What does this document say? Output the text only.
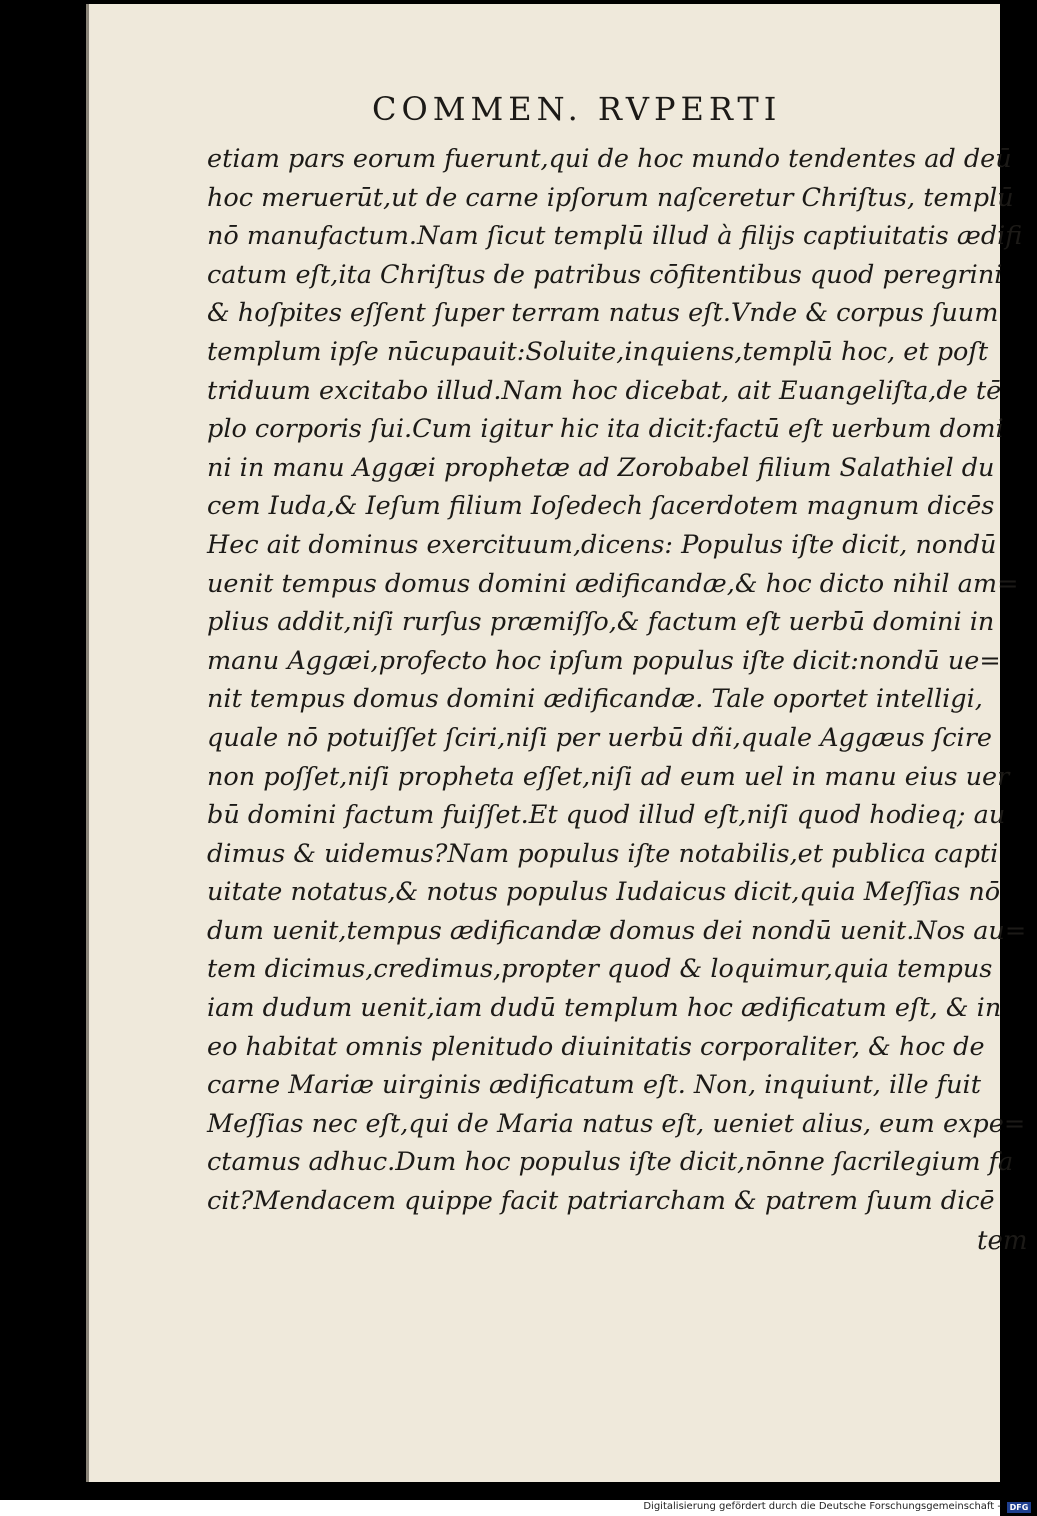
COMMEN. RVPERTI
etiam pars eorum fuerunt,qui de hoc mundo tendentes ad deū
hoc meruerūt,ut de carne ipſorum naſceretur Chriſtus, templū
nō manufactum.Nam ſicut templū illud à filijs captiuitatis ædifi
catum eſt,ita Chriſtus de patribus cōfitentibus quod peregrini
& hoſpites eſſent ſuper terram natus eſt.Vnde & corpus ſuum
templum ipſe nūcupauit:Soluite,inquiens,templū hoc, et poſt
triduum excitabo illud.Nam hoc dicebat, ait Euangeliſta,de tē
plo corporis ſui.Cum igitur hic ita dicit:factū eſt uerbum domi
ni in manu Aggæi prophetæ ad Zorobabel filium Salathiel du
cem Iuda,& Ieſum filium Ioſedech ſacerdotem magnum dicēs
Hec ait dominus exercituum,dicens: Populus iſte dicit, nondū
uenit tempus domus domini ædificandæ,& hoc dicto nihil am=
plius addit,niſi rurſus præmiſſo,& factum eſt uerbū domini in
manu Aggæi,profecto hoc ipſum populus iſte dicit:nondū ue=
nit tempus domus domini ædificandæ. Tale oportet intelligi,
quale nō potuiſſet ſciri,niſi per uerbū dñi,quale Aggæus ſcire
non poſſet,niſi propheta eſſet,niſi ad eum uel in manu eius uer
bū domini factum fuiſſet.Et quod illud eſt,niſi quod hodieq; au
dimus & uidemus?Nam populus iſte notabilis,et publica capti
uitate notatus,& notus populus Iudaicus dicit,quia Meſſias nō
dum uenit,tempus ædificandæ domus dei nondū uenit.Nos au=
tem dicimus,credimus,propter quod & loquimur,quia tempus
iam dudum uenit,iam dudū templum hoc ædificatum eſt, & in
eo habitat omnis plenitudo diuinitatis corporaliter, & hoc de
carne Mariæ uirginis ædificatum eſt. Non, inquiunt, ille fuit
Meſſias nec eſt,qui de Maria natus eſt, ueniet alius, eum expe=
ctamus adhuc.Dum hoc populus iſte dicit,nōnne ſacrilegium fa
cit?Mendacem quippe facit patriarcham & patrem ſuum dicē
tem
Digitalisierung gefördert durch die Deutsche Forschungsgemeinschaft -	DFG
